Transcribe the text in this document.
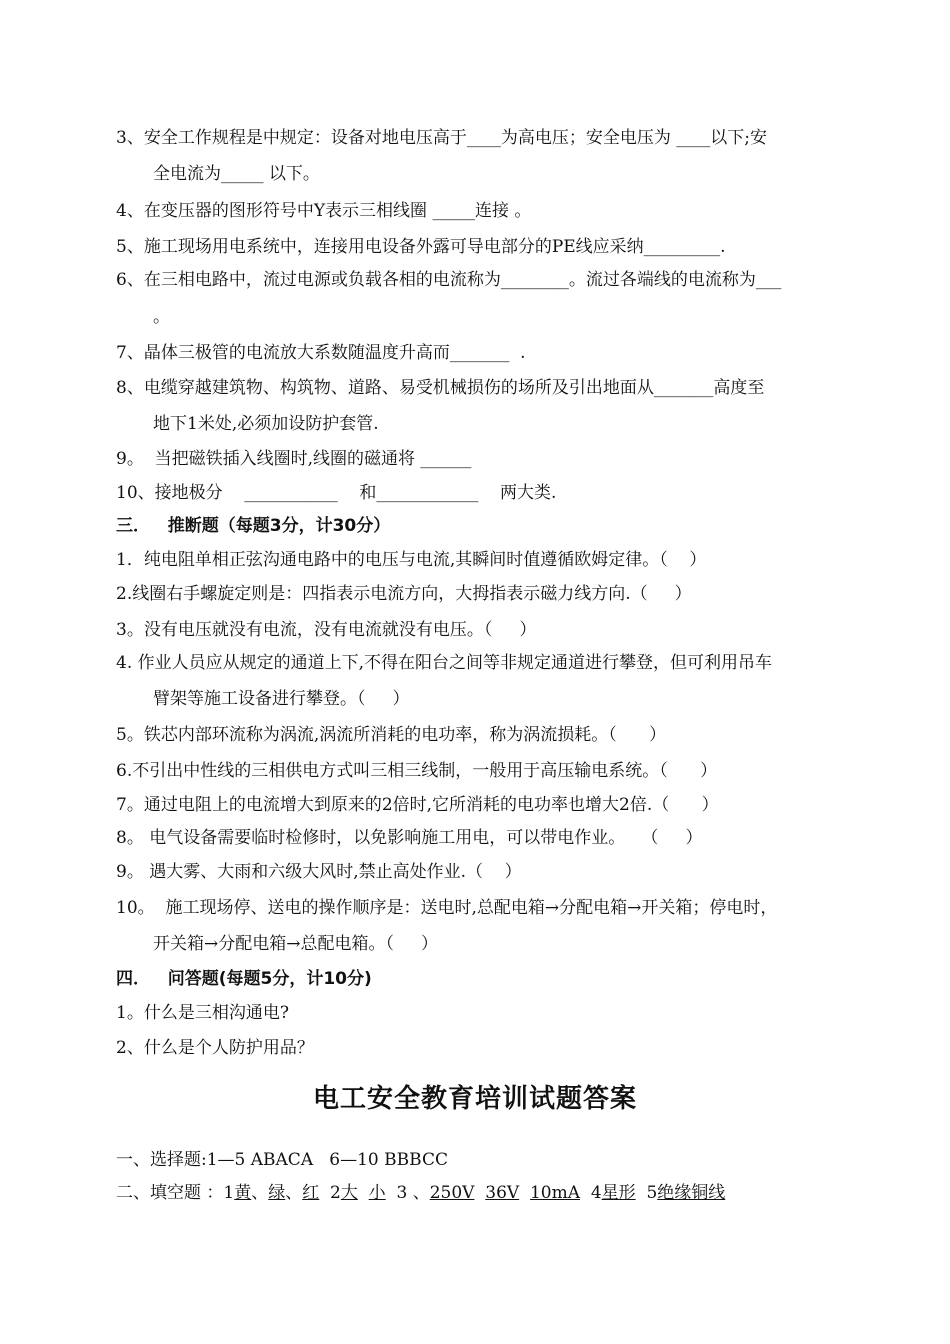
3、安全工作规程是中规定：设备对地电压高于____为高电压；安全电压为 ____以下;安
全电流为_____ 以下。
4、在变压器的图形符号中Y表示三相线圈 _____连接 。
5、施工现场用电系统中，连接用电设备外露可导电部分的PE线应采纳_________.
6、在三相电路中，流过电源或负载各相的电流称为________。流过各端线的电流称为___
。
7、晶体三极管的电流放大系数随温度升高而_______  .
8、电缆穿越建筑物、构筑物、道路、易受机械损伤的场所及引出地面从_______高度至
地下1米处,必须加设防护套管.
9。  当把磁铁插入线圈时,线圈的磁通将 ______
10、接地极分    ___________    和____________    两大类.
三．   推断题（每题3分，计30分）
1．纯电阻单相正弦沟通电路中的电压与电流,其瞬间时值遵循欧姆定律。（    ）
2.线圈右手螺旋定则是：四指表示电流方向，大拇指表示磁力线方向.（     ）
3。没有电压就没有电流，没有电流就没有电压。（     ）
4. 作业人员应从规定的通道上下,不得在阳台之间等非规定通道进行攀登，但可利用吊车
臂架等施工设备进行攀登。（     ）
5。铁芯内部环流称为涡流,涡流所消耗的电功率，称为涡流损耗。（      ）
6.不引出中性线的三相供电方式叫三相三线制，一般用于高压输电系统。（      ）
7。通过电阻上的电流增大到原来的2倍时,它所消耗的电功率也增大2倍.（      ）
8。 电气设备需要临时检修时，以免影响施工用电，可以带电作业。   （     ）
9。 遇大雾、大雨和六级大风时,禁止高处作业.（    ）
10。  施工现场停、送电的操作顺序是：送电时,总配电箱→分配电箱→开关箱；停电时，
开关箱→分配电箱→总配电箱。（     ）
四．   问答题(每题5分，计10分)
1。什么是三相沟通电?
2、什么是个人防护用品？
一、选择题:1—5 ABACA   6—10 BBBCC
二、填空题 ：1黄、绿、红  2大 小  3 、250V 36V 10mA  4星形  5绝缘铜线
电工安全教育培训试题答案
